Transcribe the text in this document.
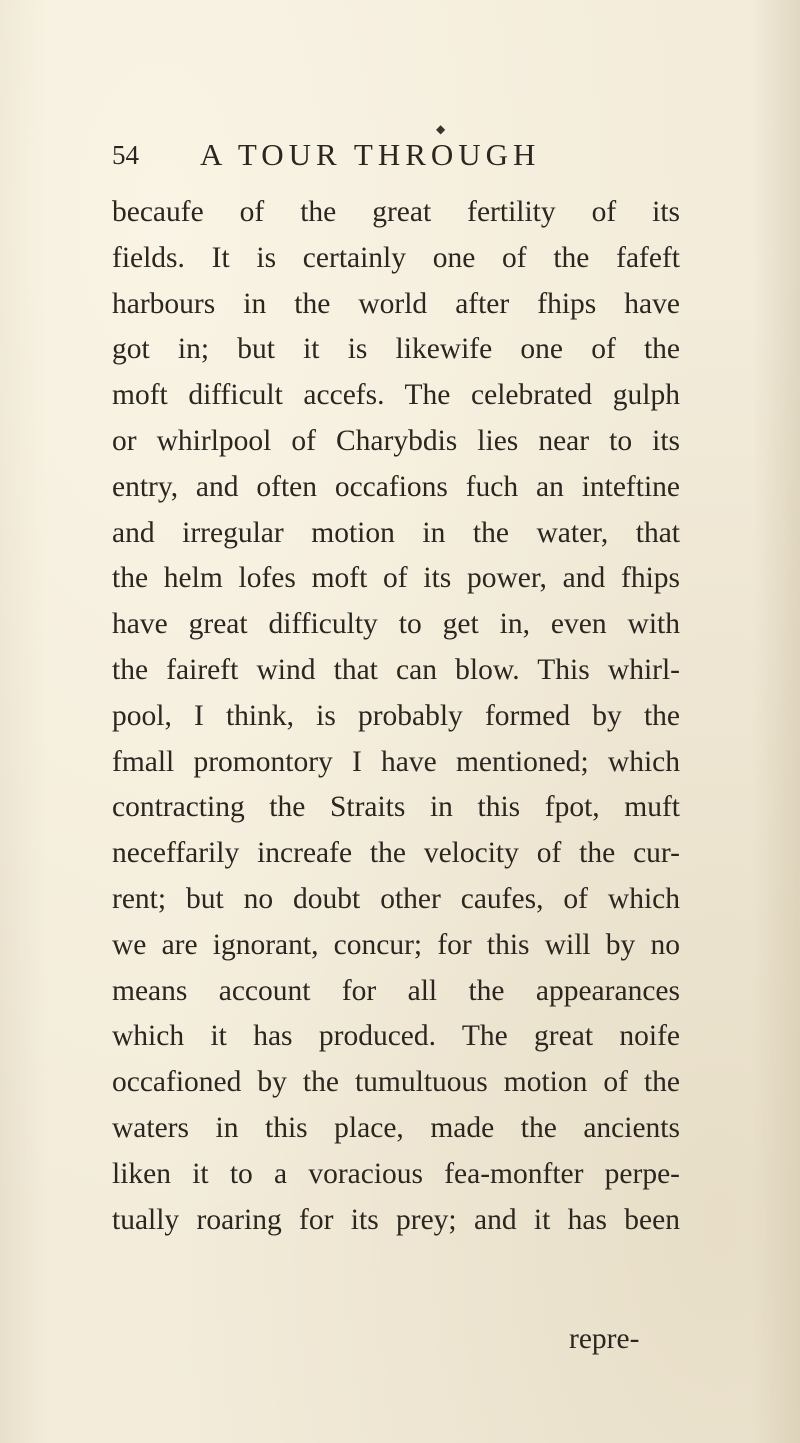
◆
54 A TOUR THROUGH
becaufe of the great fertility of its
fields. It is certainly one of the fafeft
harbours in the world after fhips have
got in; but it is likewife one of the
moft difficult accefs. The celebrated gulph
or whirlpool of Charybdis lies near to its
entry, and often occafions fuch an inteftine
and irregular motion in the water, that
the helm lofes moft of its power, and fhips
have great difficulty to get in, even with
the faireft wind that can blow. This whirl-
pool, I think, is probably formed by the
fmall promontory I have mentioned; which
contracting the Straits in this fpot, muft
neceffarily increafe the velocity of the cur-
rent; but no doubt other caufes, of which
we are ignorant, concur; for this will by no
means account for all the appearances
which it has produced. The great noife
occafioned by the tumultuous motion of the
waters in this place, made the ancients
liken it to a voracious fea-monfter perpe-
tually roaring for its prey; and it has been
repre-
